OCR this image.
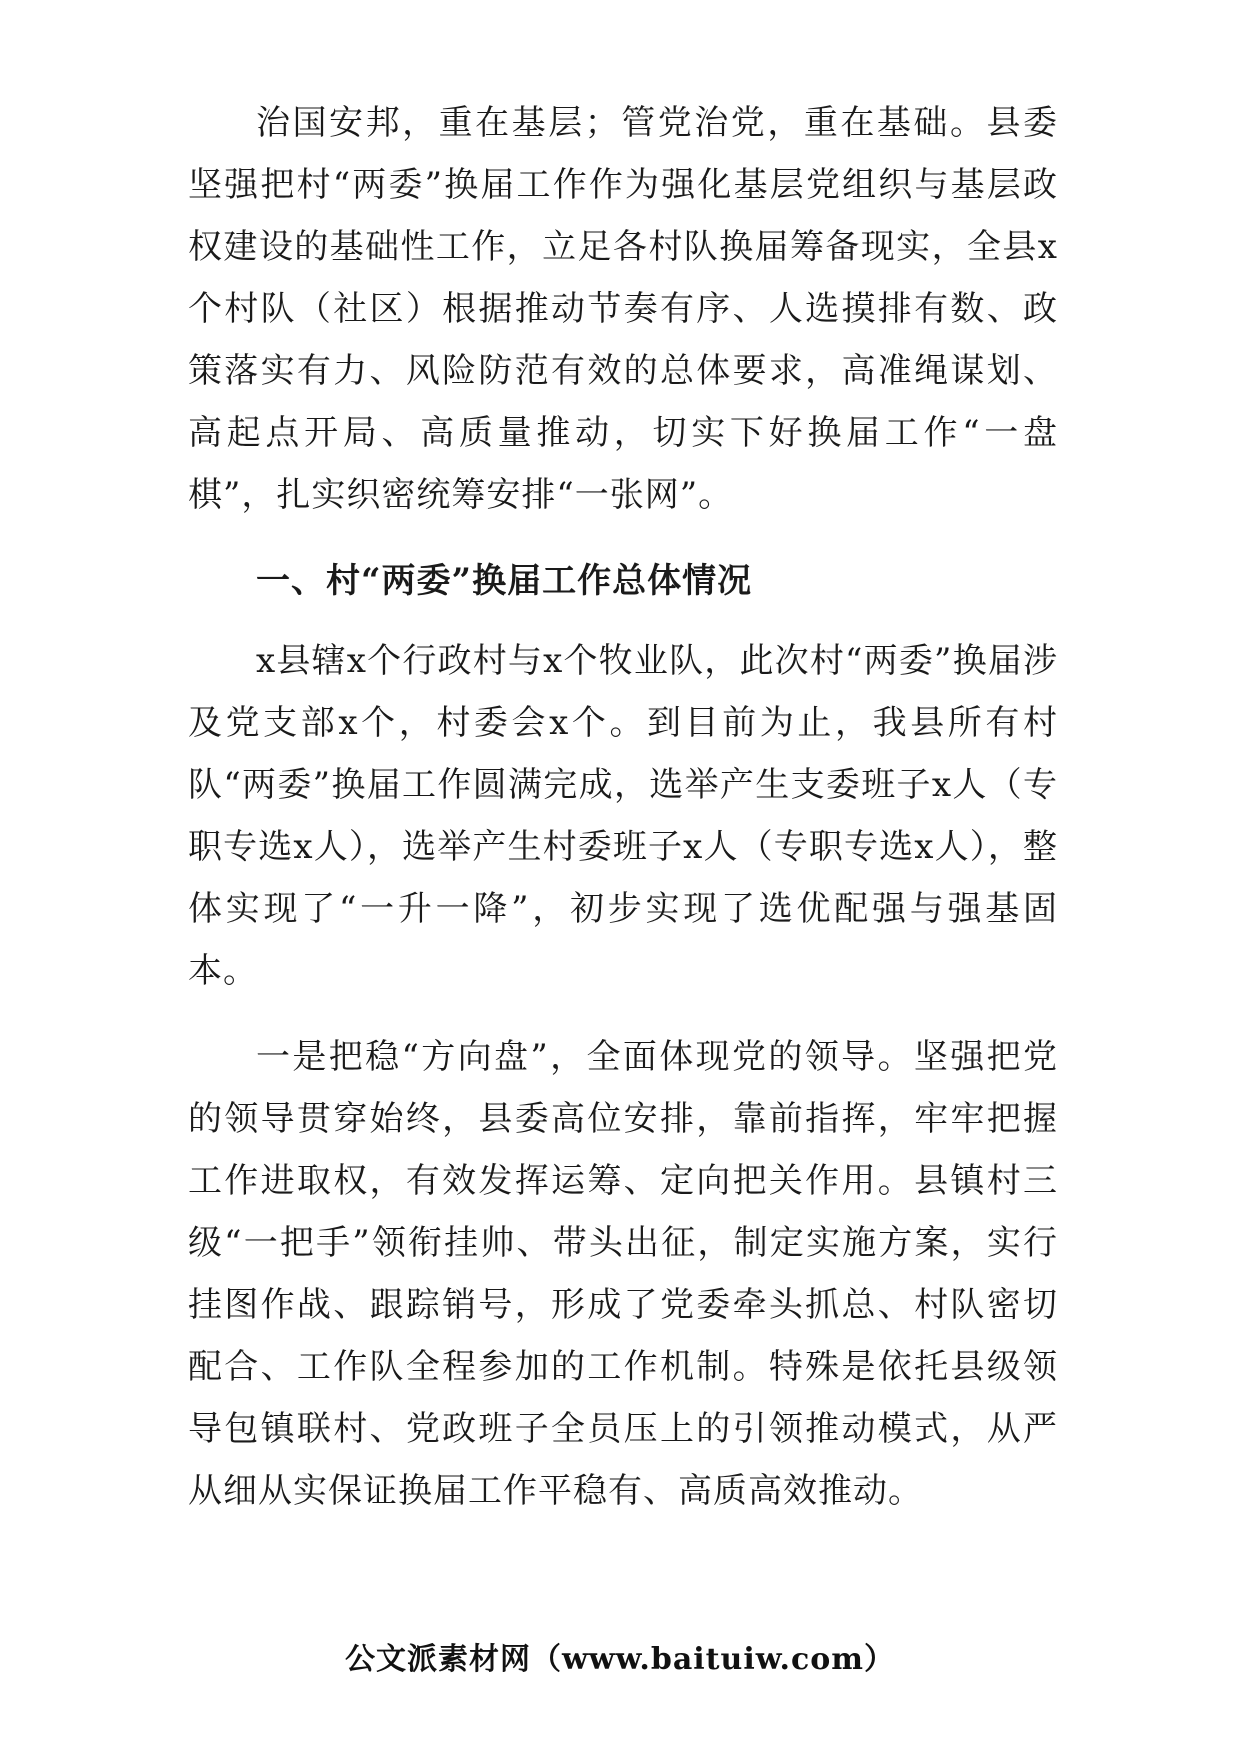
治国安邦，重在基层；管党治党，重在基础。县委坚强把村“两委”换届工作作为强化基层党组织与基层政权建设的基础性工作，立足各村队换届筹备现实，全县x个村队（社区）根据推动节奏有序、人选摸排有数、政策落实有力、风险防范有效的总体要求，高准绳谋划、高起点开局、高质量推动，切实下好换届工作“一盘棋”，扎实织密统筹安排“一张网”。

一、村“两委”换届工作总体情况

x县辖x个行政村与x个牧业队，此次村“两委”换届涉及党支部x个，村委会x个。到目前为止，我县所有村队“两委”换届工作圆满完成，选举产生支委班子x人（专职专选x人），选举产生村委班子x人（专职专选x人），整体实现了“一升一降”，初步实现了选优配强与强基固本。

一是把稳“方向盘”，全面体现党的领导。坚强把党的领导贯穿始终，县委高位安排，靠前指挥，牢牢把握工作进取权，有效发挥运筹、定向把关作用。县镇村三级“一把手”领衔挂帅、带头出征，制定实施方案，实行挂图作战、跟踪销号，形成了党委牵头抓总、村队密切配合、工作队全程参加的工作机制。特殊是依托县级领导包镇联村、党政班子全员压上的引领推动模式，从严从细从实保证换届工作平稳有、高质高效推动。

公文派素材网（www.baituiw.com）
